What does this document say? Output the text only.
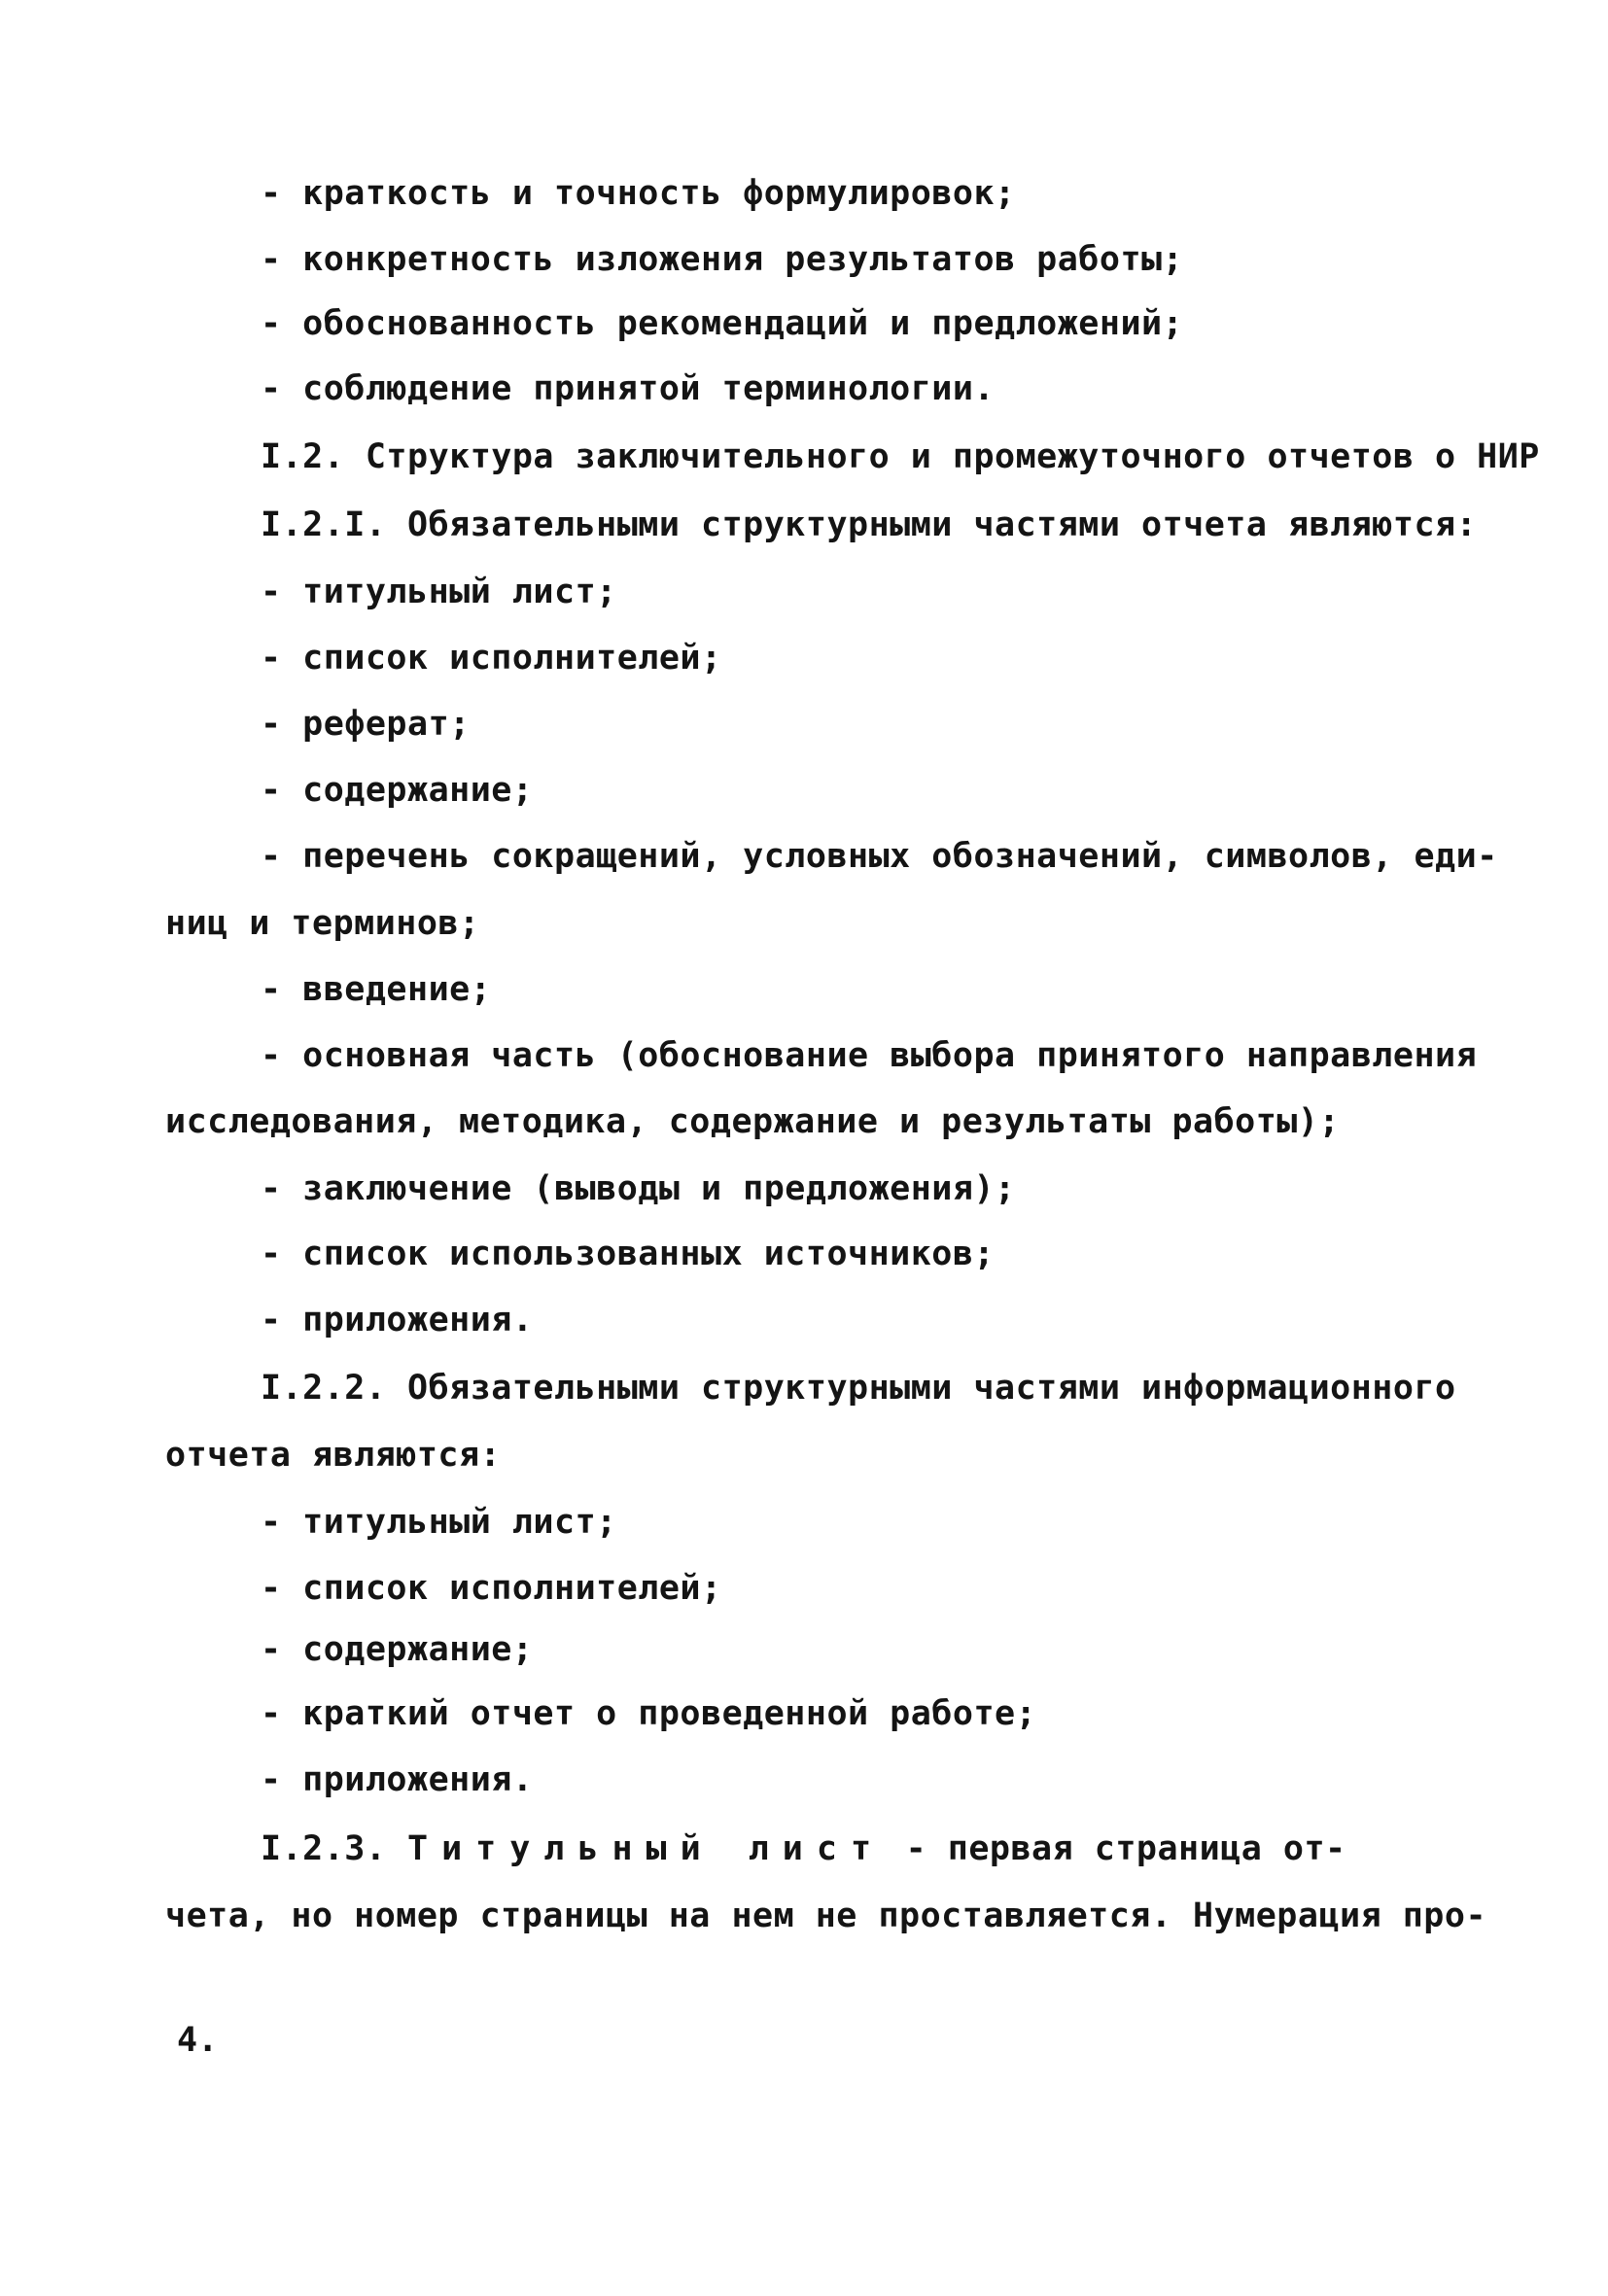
- краткость и точность формулировок;
- конкретность изложения результатов работы;
- обоснованность рекомендаций и предложений;
- соблюдение принятой терминологии.
I.2. Структура заключительного и промежуточного отчетов о НИР
I.2.I. Обязательными структурными частями отчета являются:
- титульный лист;
- список исполнителей;
- реферат;
- содержание;
- перечень сокращений, условных обозначений, символов, еди-
ниц и терминов;
- введение;
- основная часть (обоснование выбора принятого направления
исследования, методика, содержание и результаты работы);
- заключение (выводы и предложения);
- список использованных источников;
- приложения.
I.2.2. Обязательными структурными частями информационного
отчета являются:
- титульный лист;
- список исполнителей;
- содержание;
- краткий отчет о проведенной работе;
- приложения.
I.2.3. Титульный лист - первая страница от-
чета, но номер страницы на нем не проставляется. Нумерация про-
4.
